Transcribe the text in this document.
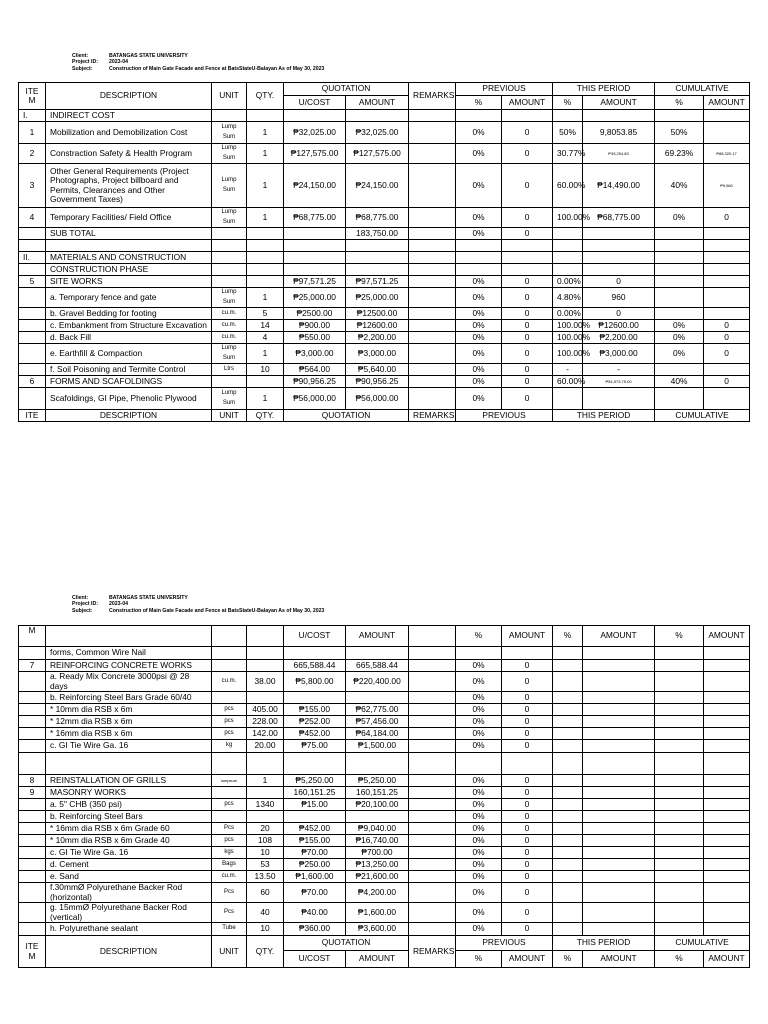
Client:	BATANGAS STATE UNIVERSITY
Project ID: 2023-04
Subject:	Construction of Main Gate Facade and Fence at BatsStateU-Balayan As of May 30, 2023
ITE M	DESCRIPTION	UNIT	QTY.	QUOTATION		REMARKS	PREVIOUS		THIS PERIOD		CUMULATIVE	
				U/COST	AMOUNT		%	AMOUNT	%	AMOUNT	%	AMOUNT
I.	INDIRECT COST											
1	Mobilization and Demobilization Cost	Lump Sum	1	₱32,025.00	₱32,025.00		0%	0	50%	9,8053.85	50%	
2	Constraction Safety & Health Program	Lump Sum	1	₱127,575.00	₱127,575.00		0%	0	30.77%	₱39,254.83	69.23%	₱88,320.17
3	Other General Requirements (Project Photographs, Project billboard and Permits, Clearances and Other Government Taxes)	Lump Sum	1	₱24,150.00	₱24,150.00		0%	0	60.00%	₱14,490.00	40%	₱9,660
4	Temporary Facilities/ Field Office	Lump Sum	1	₱68,775.00	₱68,775.00		0%	0	100.00%	₱68,775.00	0%	0
	SUB TOTAL				183,750.00		0%	0				

II.	MATERIALS AND CONSTRUCTION											
	CONSTRUCTION PHASE											
5	SITE WORKS			₱97,571.25	₱97,571.25		0%	0	0.00%	0		
	a. Temporary fence and gate	Lump Sum	1	₱25,000.00	₱25,000.00		0%	0	4.80%	960		
	b. Gravel Bedding for footing	cu.m.	5	₱2500.00	₱12500.00		0%	0	0.00%	0		
	c. Embankment from Structure Excavation	cu.m.	14	₱900.00	₱12600.00		0%	0	100.00%	₱12600.00	0%	0
	d. Back Fill	cu.m.	4	₱550.00	₱2,200.00		0%	0	100.00%	₱2,200.00	0%	0
	e. Earthfill & Compaction	Lump Sum	1	₱3,000.00	₱3,000.00		0%	0	100.00%	₱3,000.00	0%	0
	f. Soil Poisoning and Termite Control	Ltrs	10	₱564.00	₱5,640.00		0%	0	-	-		
6	FORMS AND SCAFOLDINGS			₱90,956.25	₱90,956.25		0%	0	60.00%	₱54,573.75.00	40%	0
	Scafoldings, GI Pipe, Phenolic Plywood	Lump Sum	1	₱56,000.00	₱56,000.00		0%	0				
ITE	DESCRIPTION	UNIT	QTY.	QUOTATION		REMARKS	PREVIOUS		THIS PERIOD		CUMULATIVE	
Client:	BATANGAS STATE UNIVERSITY
Project ID: 2023-04
Subject:	Construction of Main Gate Facade and Fence at BatsStateU-Balayan As of May 30, 2023
M				U/COST	AMOUNT		%	AMOUNT	%	AMOUNT	%	AMOUNT
	forms, Common Wire Nail											
7	REINFORCING CONCRETE WORKS			665,588.44	665,588.44		0%	0				
	a. Ready Mix Concrete 3000psi @ 28 days	cu.m.	38.00	₱5,800.00	₱220,400.00		0%	0				
	b. Reinforcing Steel Bars Grade 60/40						0%	0				
	* 10mm dia RSB x 6m	pcs	405.00	₱155.00	₱62,775.00		0%	0				
	* 12mm dia RSB x 6m	pcs	228.00	₱252.00	₱57,456.00		0%	0				
	* 16mm dia RSB x 6m	pcs	142.00	₱452.00	₱64,184.00		0%	0				
	c. GI Tie Wire Ga. 16	kg	20.00	₱75.00	₱1,500.00		0%	0				

8	REINSTALLATION OF GRILLS	lumpsum	1	₱5,250.00	₱5,250.00		0%	0				
9	MASONRY WORKS			160,151.25	160,151.25		0%	0				
	a. 5" CHB (350 psi)	pcs	1340	₱15.00	₱20,100.00		0%	0				
	b. Reinforcing Steel Bars						0%	0				
	* 16mm dia RSB x 6m Grade 60	Pcs	20	₱452.00	₱9,040.00		0%	0				
	* 10mm dia RSB x 6m Grade 40	pcs	108	₱155.00	₱16,740.00		0%	0				
	c. GI Tie Wire Ga. 16	kgs	10	₱70.00	₱700.00		0%	0				
	d. Cement	Bags	53	₱250.00	₱13,250.00		0%	0				
	e. Sand	cu.m.	13.50	₱1,600.00	₱21,600.00		0%	0				
	f.30mmØ Polyurethane Backer Rod (horizontal)	Pcs	60	₱70.00	₱4,200.00		0%	0				
	g. 15mmØ Polyurethane Backer Rod (vertical)	Pcs	40	₱40.00	₱1,600.00		0%	0				
	h. Polyurethane sealant	Tube	10	₱360.00	₱3,600.00		0%	0				
ITE M	DESCRIPTION	UNIT	QTY.	QUOTATION		REMARKS	PREVIOUS		THIS PERIOD		CUMULATIVE	
				U/COST	AMOUNT		%	AMOUNT	%	AMOUNT	%	AMOUNT
